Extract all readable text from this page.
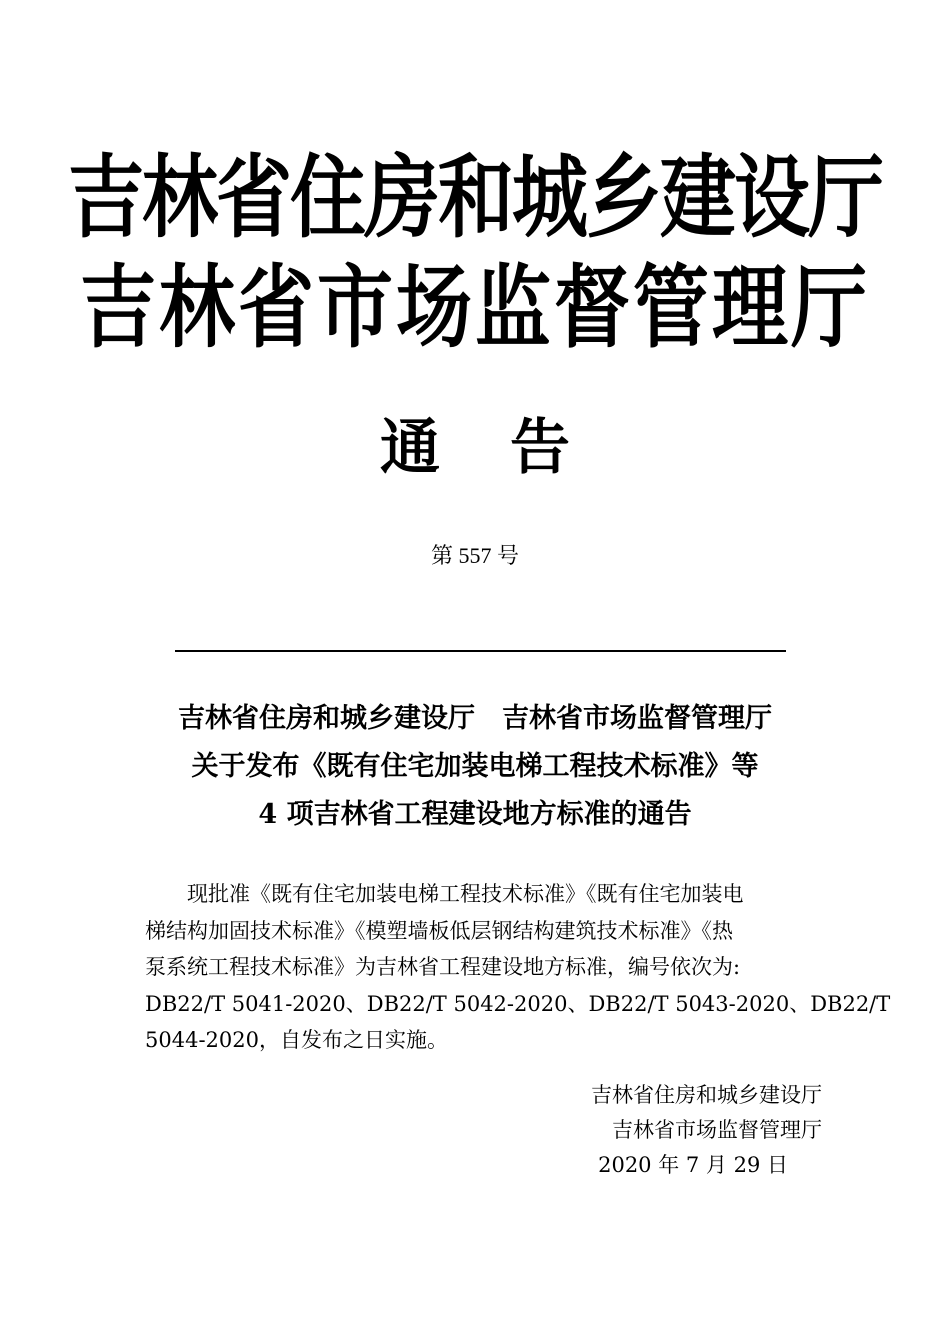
吉林省住房和城乡建设厅
吉林省市场监督管理厅
通告
第 557 号
吉林省住房和城乡建设厅　吉林省市场监督管理厅
关于发布《既有住宅加装电梯工程技术标准》等
4 项吉林省工程建设地方标准的通告
现批准《既有住宅加装电梯工程技术标准》《既有住宅加装电
梯结构加固技术标准》《模塑墙板低层钢结构建筑技术标准》《热
泵系统工程技术标准》为吉林省工程建设地方标准，编号依次为:
DB22/T 5041-2020、DB22/T 5042-2020、DB22/T 5043-2020、DB22/T
5044-2020，自发布之日实施。
吉林省住房和城乡建设厅
吉林省市场监督管理厅
2020 年 7 月 29 日
